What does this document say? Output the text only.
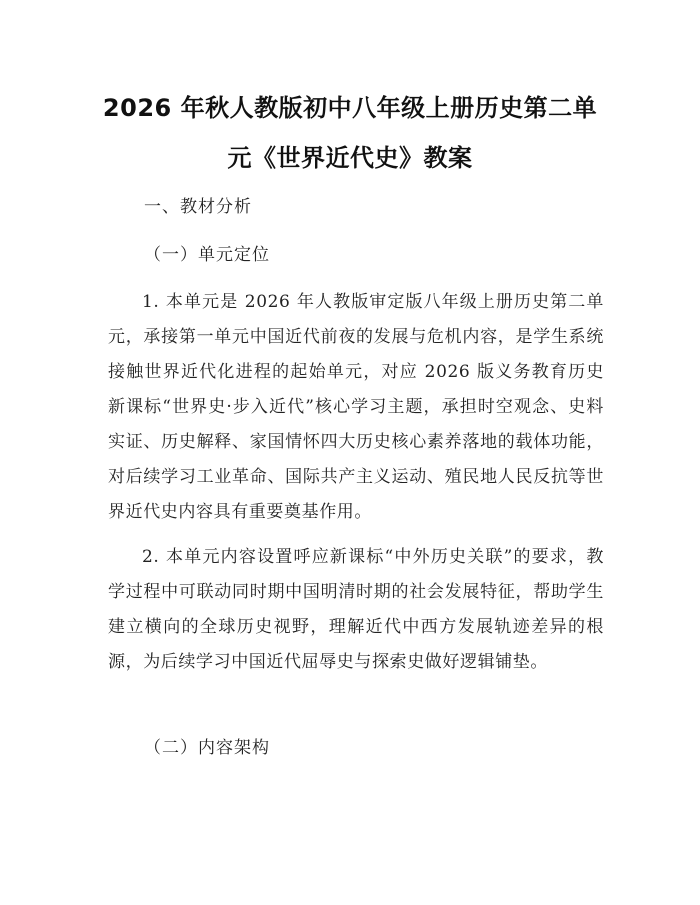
2026 年秋人教版初中八年级上册历史第二单
元《世界近代史》教案
一、教材分析
（一）单元定位

1. 本单元是 2026 年人教版审定版八年级上册历史第二单元，承接第一单元中国近代前夜的发展与危机内容，是学生系统接触世界近代化进程的起始单元，对应 2026 版义务教育历史新课标“世界史·步入近代”核心学习主题，承担时空观念、史料实证、历史解释、家国情怀四大历史核心素养落地的载体功能，对后续学习工业革命、国际共产主义运动、殖民地人民反抗等世界近代史内容具有重要奠基作用。

2. 本单元内容设置呼应新课标“中外历史关联”的要求，教学过程中可联动同时期中国明清时期的社会发展特征，帮助学生建立横向的全球历史视野，理解近代中西方发展轨迹差异的根源，为后续学习中国近代屈辱史与探索史做好逻辑铺垫。

（二）内容架构
